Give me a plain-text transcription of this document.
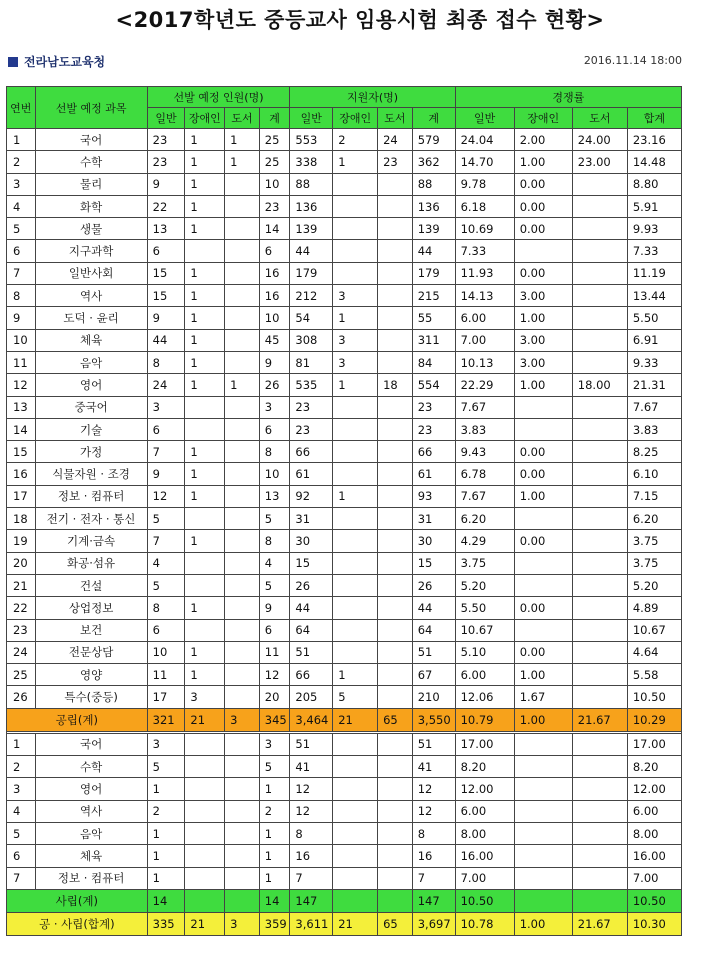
<2017학년도 중등교사 임용시험 최종 접수 현황>
전라남도교육청	2016.11.14 18:00
연번	선발 예정 과목	선발 예정 인원(명)				지원자(명)				경쟁률			
		일반	장애인	도서	계	일반	장애인	도서	계	일반	장애인	도서	합계
1	국어	23	1	1	25	553	2	24	579	24.04	2.00	24.00	23.16
2	수학	23	1	1	25	338	1	23	362	14.70	1.00	23.00	14.48
3	물리	9	1		10	88			88	9.78	0.00		8.80
4	화학	22	1		23	136			136	6.18	0.00		5.91
5	생물	13	1		14	139			139	10.69	0.00		9.93
6	지구과학	6			6	44			44	7.33			7.33
7	일반사회	15	1		16	179			179	11.93	0.00		11.19
8	역사	15	1		16	212	3		215	14.13	3.00		13.44
9	도덕 · 윤리	9	1		10	54	1		55	6.00	1.00		5.50
10	체육	44	1		45	308	3		311	7.00	3.00		6.91
11	음악	8	1		9	81	3		84	10.13	3.00		9.33
12	영어	24	1	1	26	535	1	18	554	22.29	1.00	18.00	21.31
13	중국어	3			3	23			23	7.67			7.67
14	기술	6			6	23			23	3.83			3.83
15	가정	7	1		8	66			66	9.43	0.00		8.25
16	식물자원 · 조경	9	1		10	61			61	6.78	0.00		6.10
17	정보 · 컴퓨터	12	1		13	92	1		93	7.67	1.00		7.15
18	전기 · 전자 · 통신	5			5	31			31	6.20			6.20
19	기계·금속	7	1		8	30			30	4.29	0.00		3.75
20	화공·섬유	4			4	15			15	3.75			3.75
21	건설	5			5	26			26	5.20			5.20
22	상업정보	8	1		9	44			44	5.50	0.00		4.89
23	보건	6			6	64			64	10.67			10.67
24	전문상담	10	1		11	51			51	5.10	0.00		4.64
25	영양	11	1		12	66	1		67	6.00	1.00		5.58
26	특수(중등)	17	3		20	205	5		210	12.06	1.67		10.50
공립(계)		321	21	3	345	3,464	21	65	3,550	10.79	1.00	21.67	10.29

1	국어	3			3	51			51	17.00			17.00
2	수학	5			5	41			41	8.20			8.20
3	영어	1			1	12			12	12.00			12.00
4	역사	2			2	12			12	6.00			6.00
5	음악	1			1	8			8	8.00			8.00
6	체육	1			1	16			16	16.00			16.00
7	정보 · 컴퓨터	1			1	7			7	7.00			7.00
사립(계)		14			14	147			147	10.50			10.50
공 · 사립(합계)		335	21	3	359	3,611	21	65	3,697	10.78	1.00	21.67	10.30
